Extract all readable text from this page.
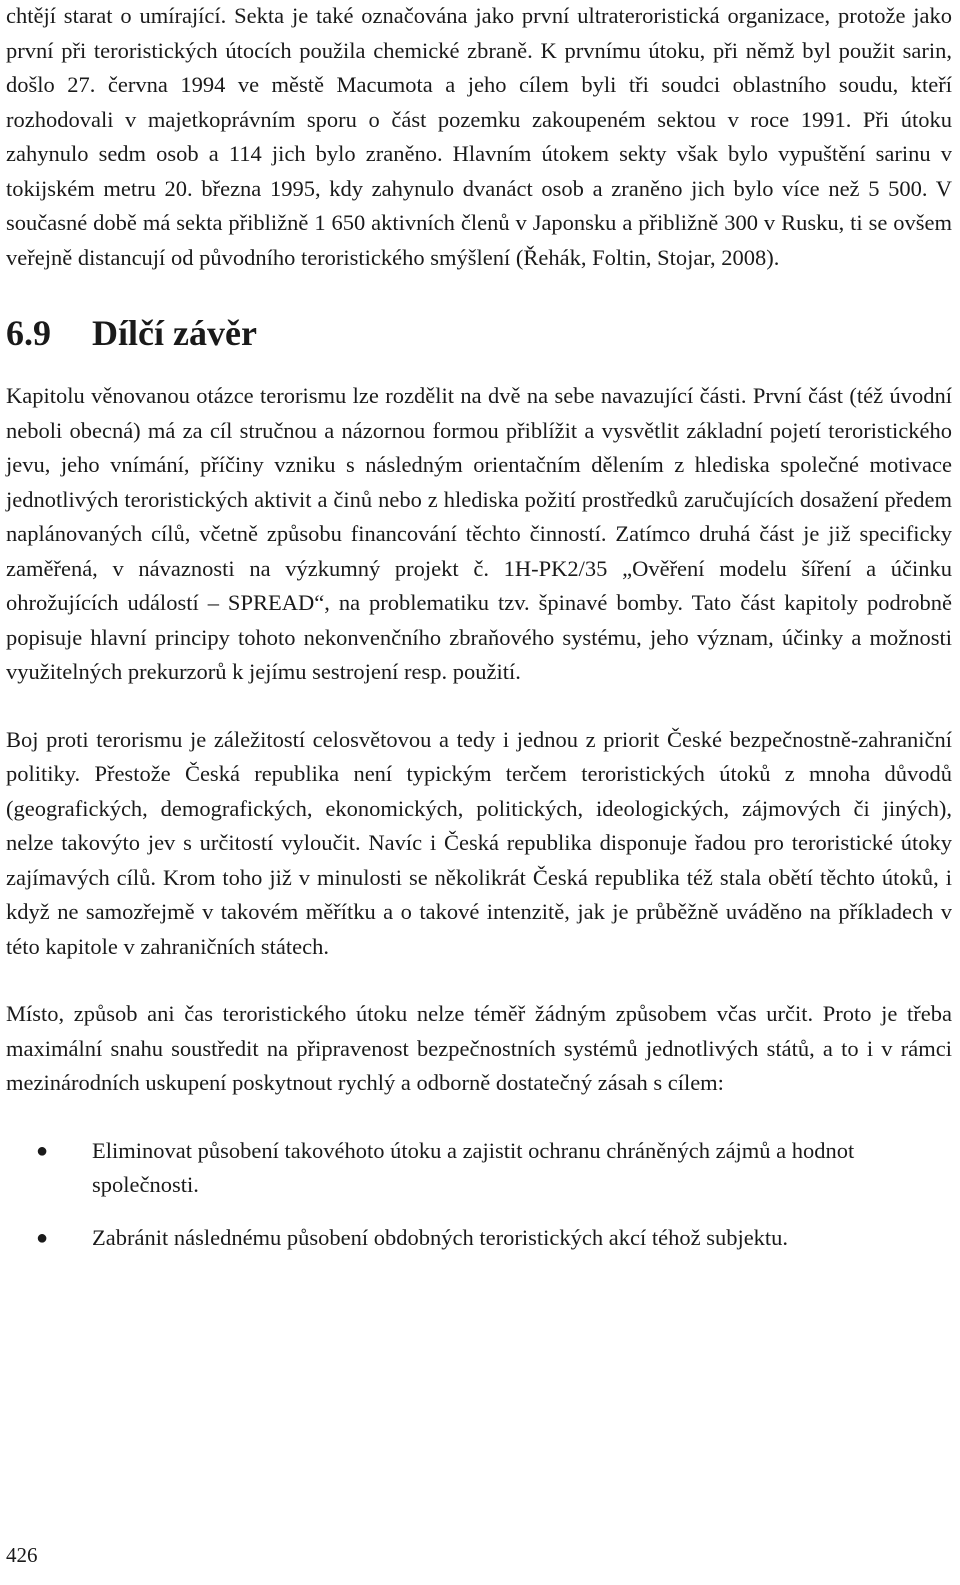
chtějí starat o umírající. Sekta je také označována jako první ultrateroristická organizace, protože jako první při teroristických útocích použila chemické zbraně. K prvnímu útoku, při němž byl použit sarin, došlo 27. června 1994 ve městě Macumota a jeho cílem byli tři soudci oblastního soudu, kteří rozhodovali v majetkoprávním sporu o část pozemku zakoupeném sektou v roce 1991. Při útoku zahynulo sedm osob a 114 jich bylo zraněno. Hlavním útokem sekty však bylo vypuštění sarinu v tokijském metru 20. března 1995, kdy zahynulo dvanáct osob a zraněno jich bylo více než 5 500. V současné době má sekta přibližně 1 650 aktivních členů v Japonsku a přibližně 300 v Rusku, ti se ovšem veřejně distancují od původního teroristického smýšlení (Řehák, Foltin, Stojar, 2008).

6.9	Dílčí závěr

Kapitolu věnovanou otázce terorismu lze rozdělit na dvě na sebe navazující části. První část (též úvodní neboli obecná) má za cíl stručnou a názornou formou přiblížit a vysvětlit základní pojetí teroristického jevu, jeho vnímání, příčiny vzniku s následným orientačním dělením z hlediska společné motivace jednotlivých teroristických aktivit a činů nebo z hlediska požití prostředků zaručujících dosažení předem naplánovaných cílů, včetně způsobu financování těchto činností. Zatímco druhá část je již specificky zaměřená, v návaznosti na výzkumný projekt č. 1H-PK2/35 „Ověření modelu šíření a účinku ohrožujících událostí – SPREAD“, na problematiku tzv. špinavé bomby. Tato část kapitoly podrobně popisuje hlavní principy tohoto nekonvenčního zbraňového systému, jeho význam, účinky a možnosti využitelných prekurzorů k jejímu sestrojení resp. použití.

Boj proti terorismu je záležitostí celosvětovou a tedy i jednou z priorit České bezpečnostně-zahraniční politiky. Přestože Česká republika není typickým terčem teroristických útoků z mnoha důvodů (geografických, demografických, ekonomických, politických, ideologických, zájmových či jiných), nelze takovýto jev s určitostí vyloučit. Navíc i Česká republika disponuje řadou pro teroristické útoky zajímavých cílů. Krom toho již v minulosti se několikrát Česká republika též stala obětí těchto útoků, i když ne samozřejmě v takovém měřítku a o takové intenzitě, jak je průběžně uváděno na příkladech v této kapitole v zahraničních státech.

Místo, způsob ani čas teroristického útoku nelze téměř žádným způsobem včas určit. Proto je třeba maximální snahu soustředit na připravenost bezpečnostních systémů jednotlivých států, a to i v rámci mezinárodních uskupení poskytnout rychlý a odborně dostatečný zásah s cílem:

●	Eliminovat působení takovéhoto útoku a zajistit ochranu chráněných zájmů a hodnot společnosti.
●	Zabránit následnému působení obdobných teroristických akcí téhož subjektu.
426
